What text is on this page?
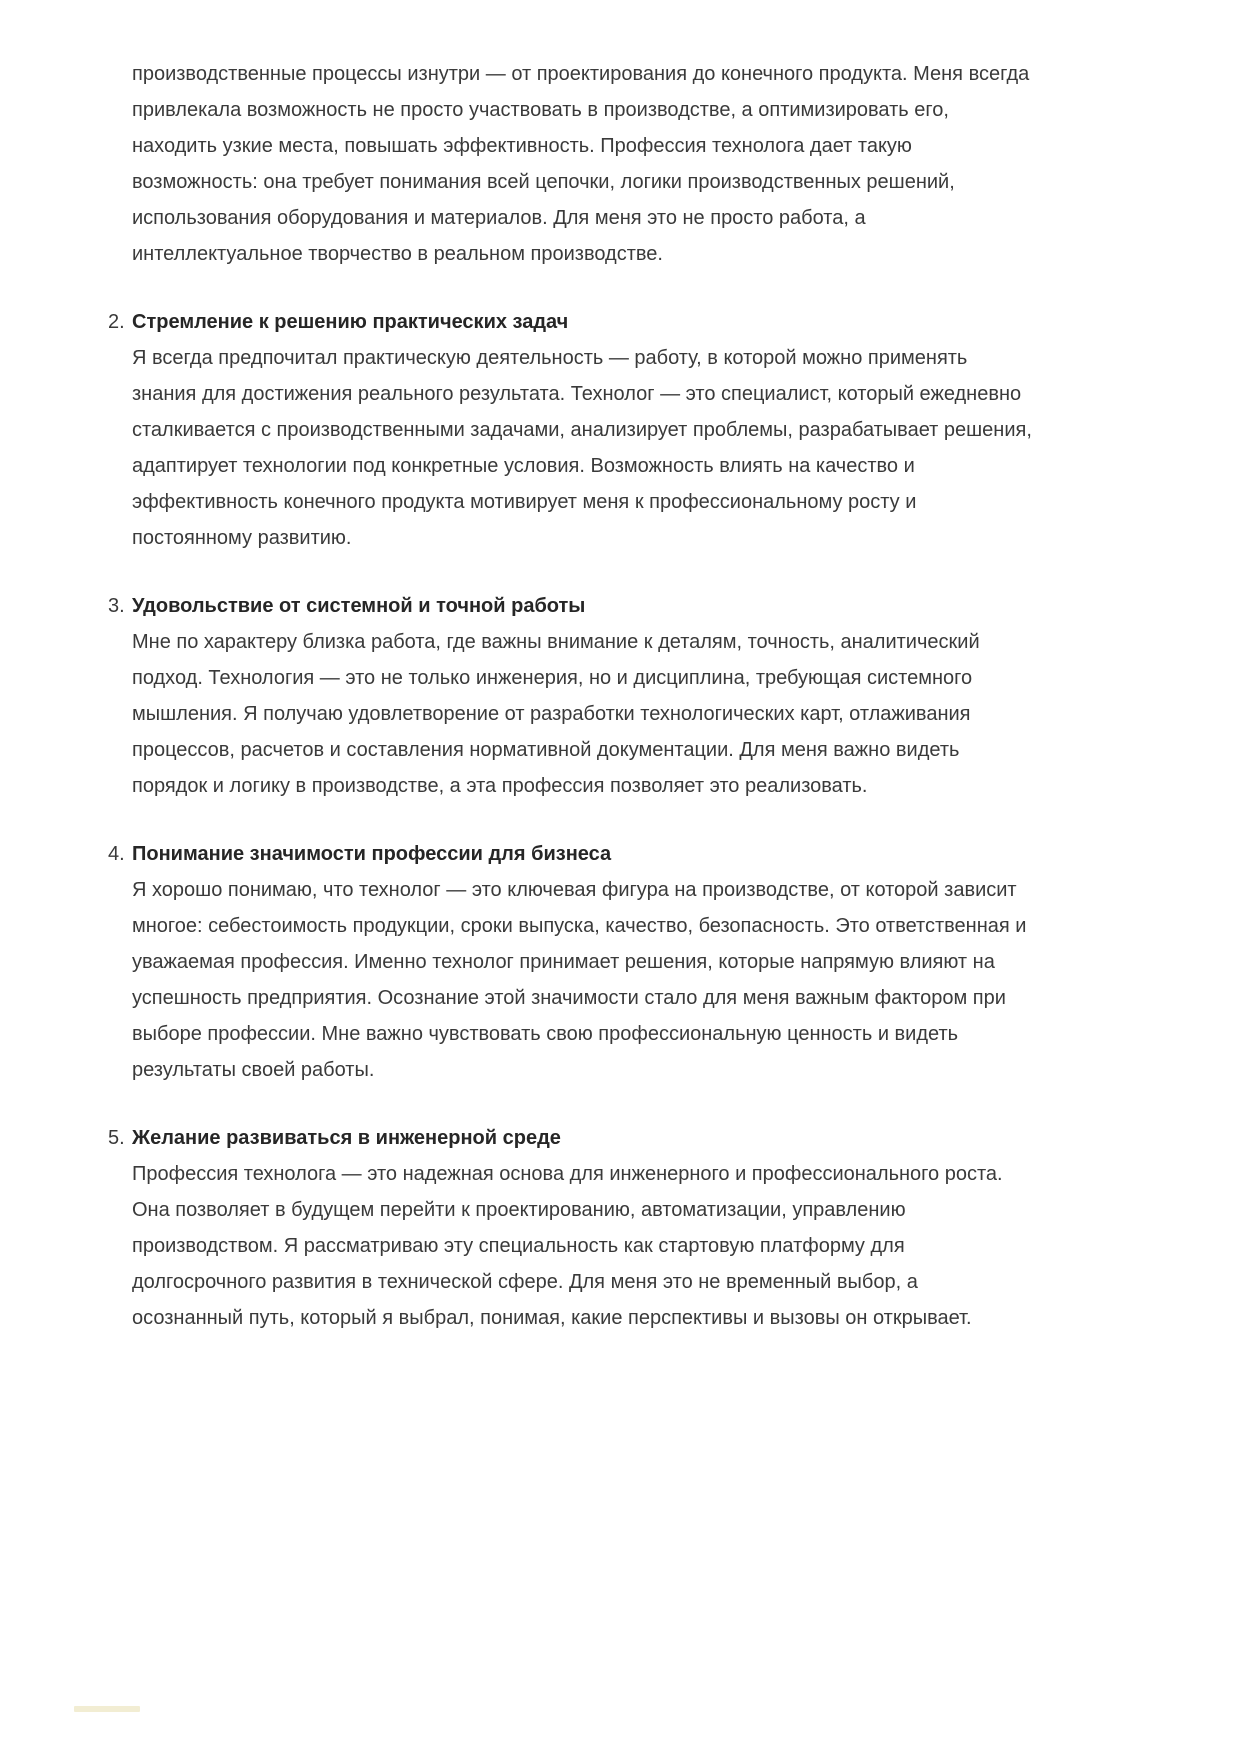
производственные процессы изнутри — от проектирования до конечного продукта. Меня всегда привлекала возможность не просто участвовать в производстве, а оптимизировать его, находить узкие места, повышать эффективность. Профессия технолога дает такую возможность: она требует понимания всей цепочки, логики производственных решений, использования оборудования и материалов. Для меня это не просто работа, а интеллектуальное творчество в реальном производстве.

2. Стремление к решению практических задач

Я всегда предпочитал практическую деятельность — работу, в которой можно применять знания для достижения реального результата. Технолог — это специалист, который ежедневно сталкивается с производственными задачами, анализирует проблемы, разрабатывает решения, адаптирует технологии под конкретные условия. Возможность влиять на качество и эффективность конечного продукта мотивирует меня к профессиональному росту и постоянному развитию.

3. Удовольствие от системной и точной работы

Мне по характеру близка работа, где важны внимание к деталям, точность, аналитический подход. Технология — это не только инженерия, но и дисциплина, требующая системного мышления. Я получаю удовлетворение от разработки технологических карт, отлаживания процессов, расчетов и составления нормативной документации. Для меня важно видеть порядок и логику в производстве, а эта профессия позволяет это реализовать.

4. Понимание значимости профессии для бизнеса

Я хорошо понимаю, что технолог — это ключевая фигура на производстве, от которой зависит многое: себестоимость продукции, сроки выпуска, качество, безопасность. Это ответственная и уважаемая профессия. Именно технолог принимает решения, которые напрямую влияют на успешность предприятия. Осознание этой значимости стало для меня важным фактором при выборе профессии. Мне важно чувствовать свою профессиональную ценность и видеть результаты своей работы.

5. Желание развиваться в инженерной среде

Профессия технолога — это надежная основа для инженерного и профессионального роста. Она позволяет в будущем перейти к проектированию, автоматизации, управлению производством. Я рассматриваю эту специальность как стартовую платформу для долгосрочного развития в технической сфере. Для меня это не временный выбор, а осознанный путь, который я выбрал, понимая, какие перспективы и вызовы он открывает.
